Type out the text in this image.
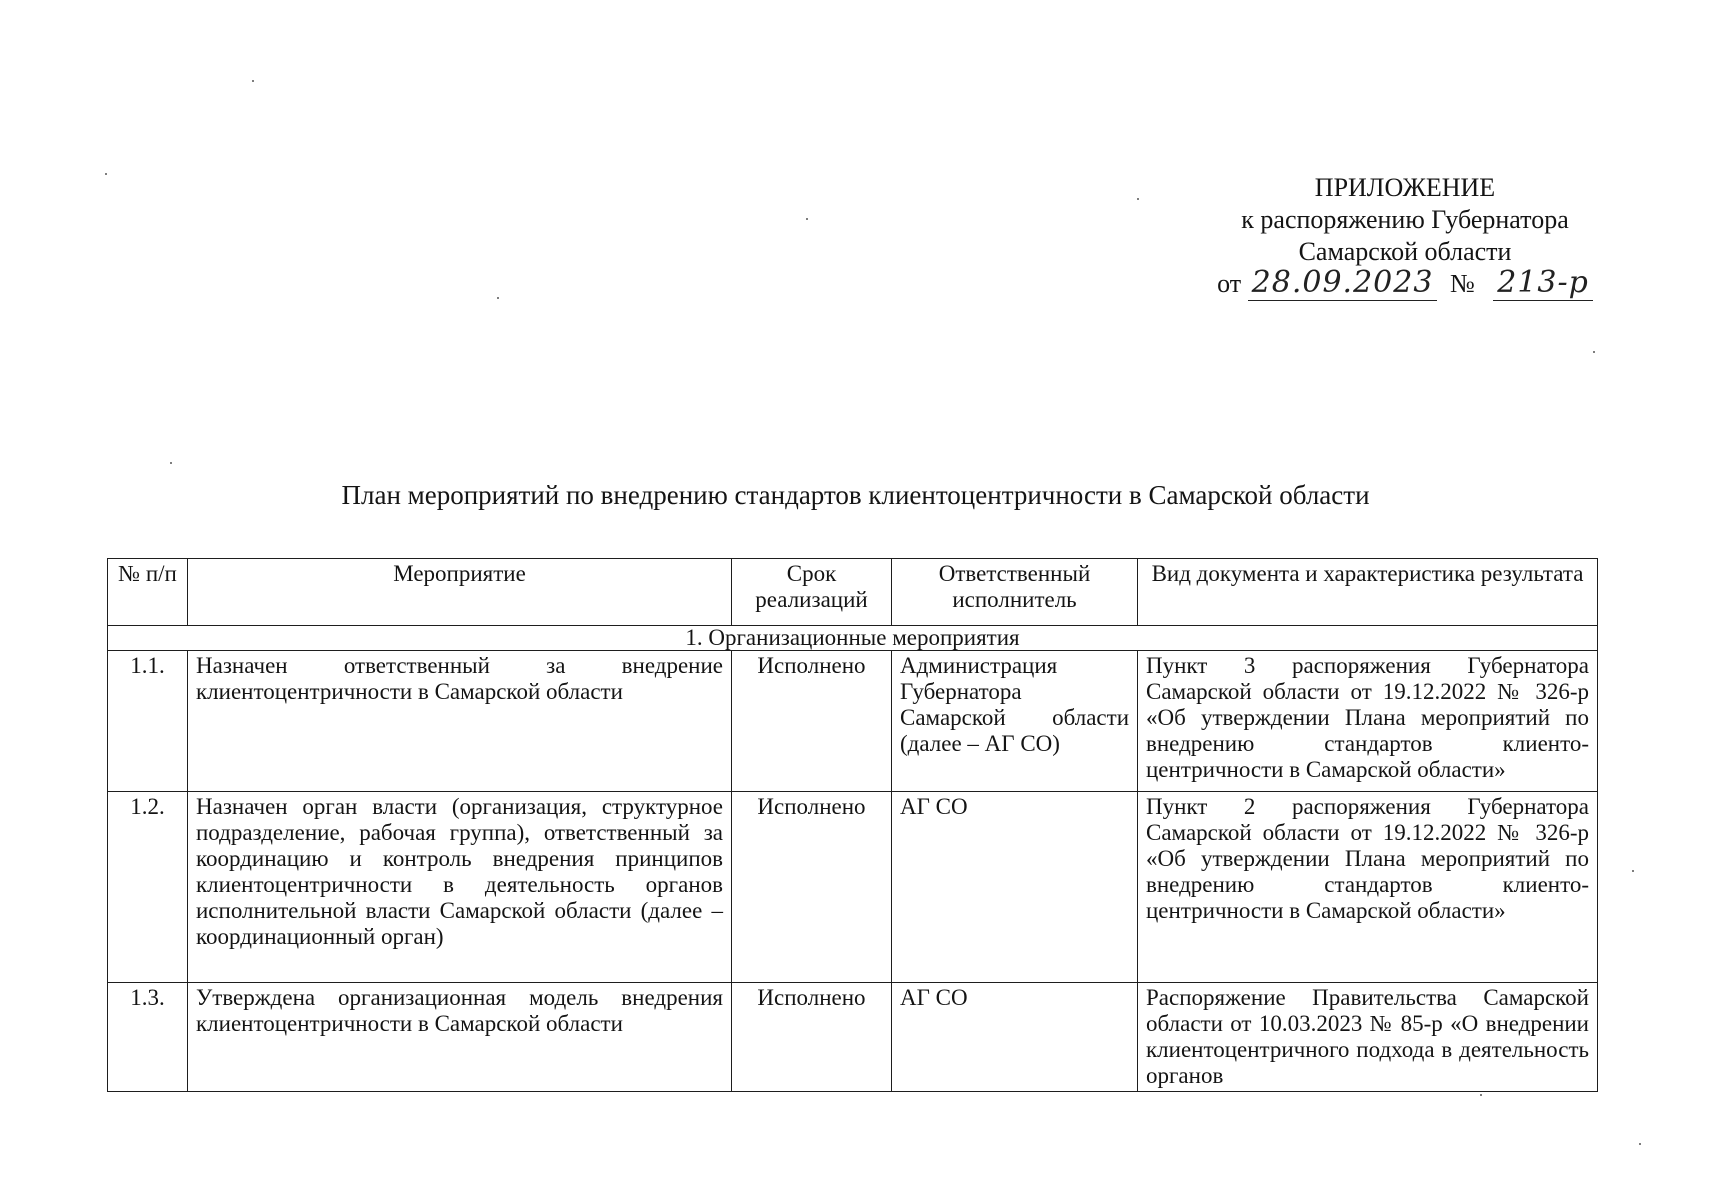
ПРИЛОЖЕНИЕ
к распоряжению Губернатора
Самарской области
от 28.09.2023 № 213-р
План мероприятий по внедрению стандартов клиентоцентричности в Самарской области
№ п/п	Мероприятие	Срок реализаций	Ответственный исполнитель	Вид документа и характеристика результата
1. Организационные мероприятия				
1.1.	Назначен ответственный за внедрение клиентоцентричности в Самарской области	Исполнено	Администрация Губернатора Самарской области (далее – АГ СО)	Пункт 3 распоряжения Губернатора Самарской области от 19.12.2022 № 326-р «Об утверждении Плана мероприятий по внедрению стандартов клиенто-центричности в Самарской области»
1.2.	Назначен орган власти (организация, структурное подразделение, рабочая группа), ответственный за координацию и контроль внедрения принципов клиентоцентричности в деятельность органов исполнительной власти Самарской области (далее – координационный орган)	Исполнено	АГ СО	Пункт 2 распоряжения Губернатора Самарской области от 19.12.2022 № 326-р «Об утверждении Плана мероприятий по внедрению стандартов клиенто-центричности в Самарской области»
1.3.	Утверждена организационная модель внедрения клиентоцентричности в Самарской области	Исполнено	АГ СО	Распоряжение Правительства Самарской области от 10.03.2023 № 85-р «О внедрении клиентоцентричного подхода в деятельность органов
